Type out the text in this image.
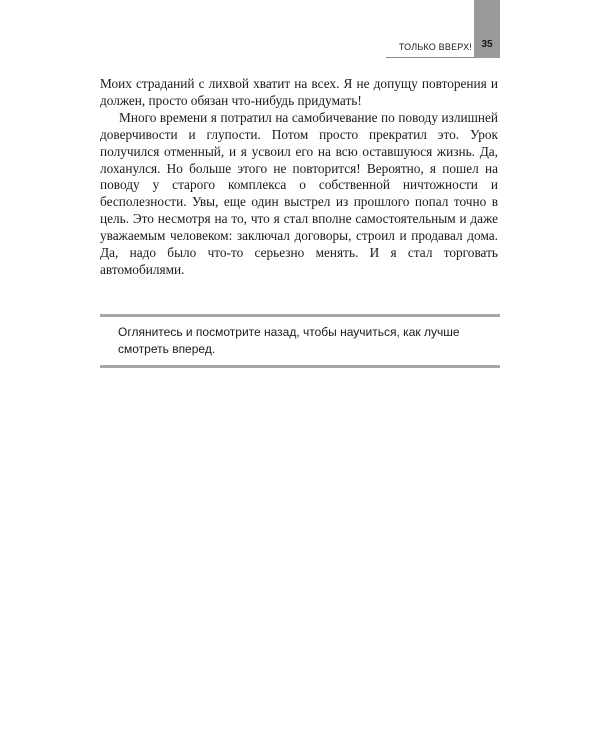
ТОЛЬКО ВВЕРХ! 35

Моих страданий с лихвой хватит на всех. Я не допущу повторения и должен, просто обязан что-нибудь придумать!

Много времени я потратил на самобичевание по поводу излишней доверчивости и глупости. Потом просто прекратил это. Урок получился отменный, и я усвоил его на всю оставшуюся жизнь. Да, лоханулся. Но больше этого не повторится! Вероятно, я пошел на поводу у старого комплекса о собственной ничтожности и бесполезности. Увы, еще один выстрел из прошлого попал точно в цель. Это несмотря на то, что я стал вполне самостоятельным и даже уважаемым человеком: заключал договоры, строил и продавал дома. Да, надо было что-то серьезно менять. И я стал торговать автомобилями.

Оглянитесь и посмотрите назад, чтобы научиться, как лучше смотреть вперед.
